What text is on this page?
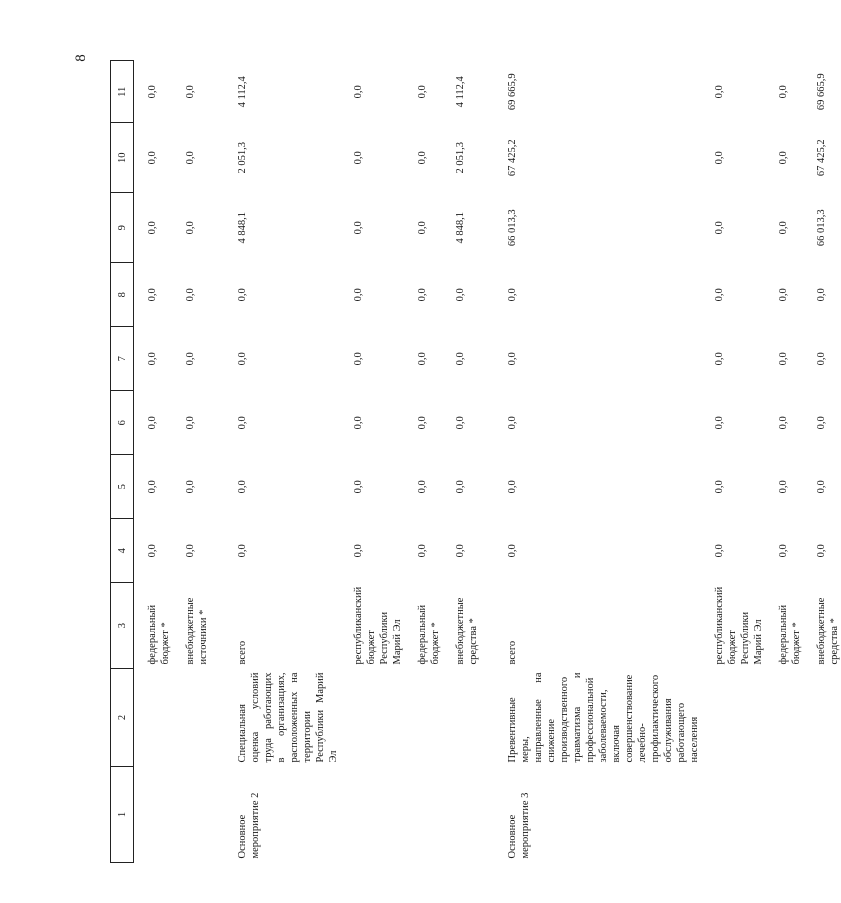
8
1	2	3	4	5	6	7	8	9	10	11
		федеральный бюджет *	0,0	0,0	0,0	0,0	0,0	0,0	0,0	0,0
		внебюджетные источники *	0,0	0,0	0,0	0,0	0,0	0,0	0,0	0,0
Основное мероприятие 2	Специальная оценка условий труда работающих в организациях, расположенных на территории Республики Марий Эл	всего	0,0	0,0	0,0	0,0	0,0	4 848,1	2 051,3	4 112,4
		республиканский бюджет Республики Марий Эл	0,0	0,0	0,0	0,0	0,0	0,0	0,0	0,0
		федеральный бюджет *	0,0	0,0	0,0	0,0	0,0	0,0	0,0	0,0
		внебюджетные средства *	0,0	0,0	0,0	0,0	0,0	4 848,1	2 051,3	4 112,4
Основное мероприятие 3	Превентивные меры, направленные на снижение производственного травматизма и профессиональной заболеваемости, включая совершенствование лечебно-профилактического обслуживания работающего населения	всего	0,0	0,0	0,0	0,0	0,0	66 013,3	67 425,2	69 665,9
		республиканский бюджет Республики Марий Эл	0,0	0,0	0,0	0,0	0,0	0,0	0,0	0,0
		федеральный бюджет *	0,0	0,0	0,0	0,0	0,0	0,0	0,0	0,0
		внебюджетные средства *	0,0	0,0	0,0	0,0	0,0	66 013,3	67 425,2	69 665,9
